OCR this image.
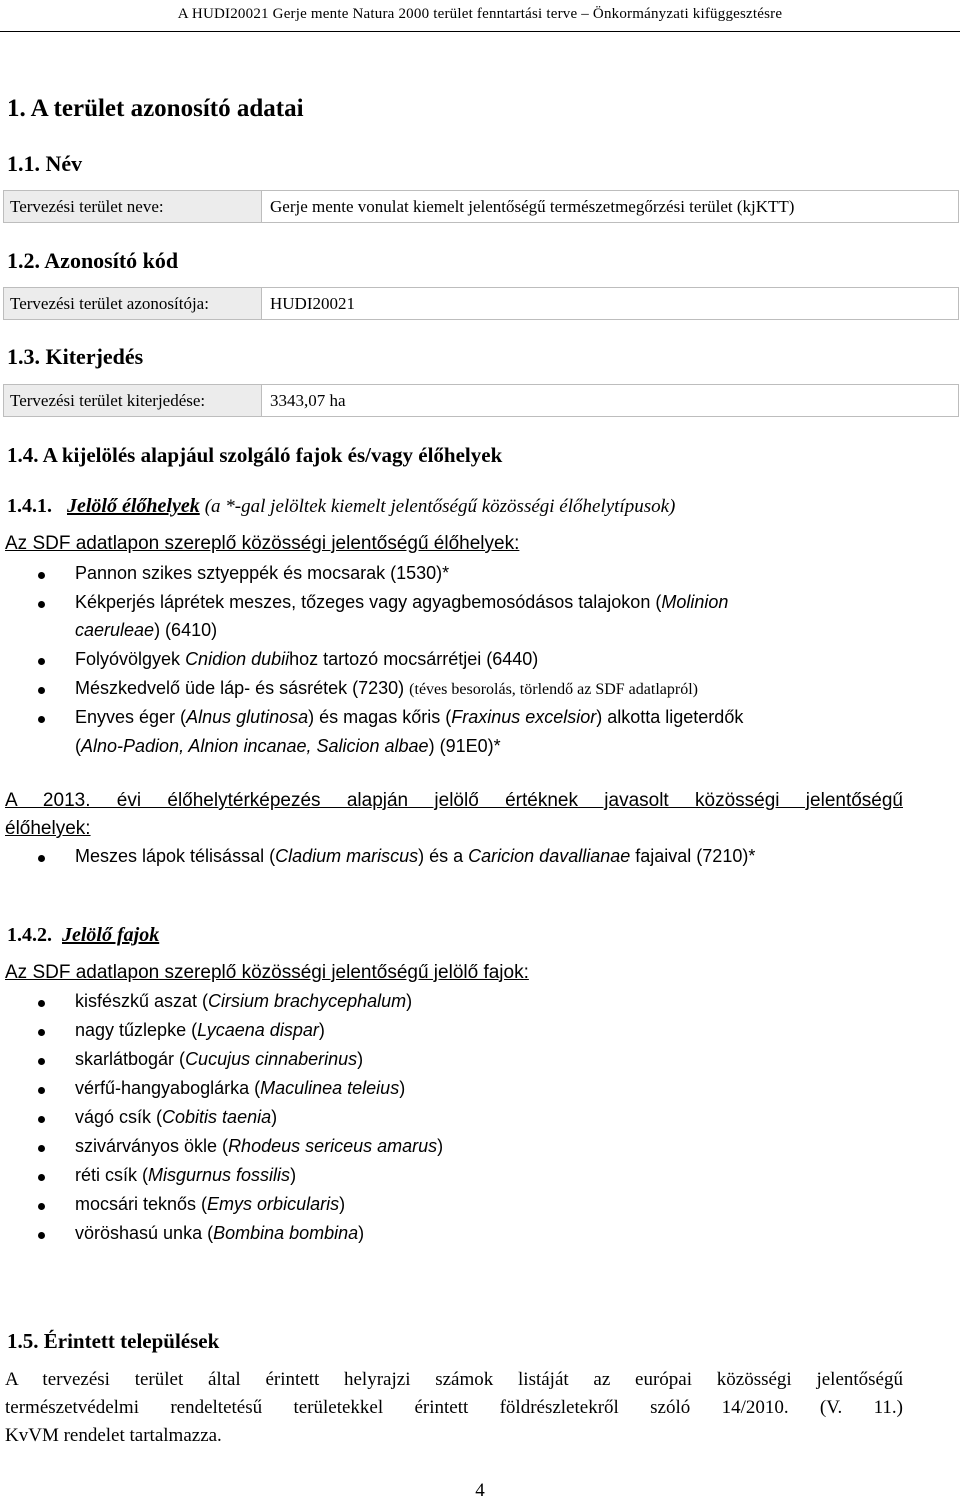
A HUDI20021 Gerje mente Natura 2000 terület fenntartási terve – Önkormányzati kifüggesztésre
1. A terület azonosító adatai
1.1. Név
Tervezési terület neve:	Gerje mente vonulat kiemelt jelentőségű természetmegőrzési terület (kjKTT)
1.2. Azonosító kód
Tervezési terület azonosítója:	HUDI20021
1.3. Kiterjedés
Tervezési terület kiterjedése:	3343,07 ha
1.4. A kijelölés alapjául szolgáló fajok és/vagy élőhelyek
1.4.1. Jelölő élőhelyek (a *-gal jelöltek kiemelt jelentőségű közösségi élőhelytípusok)
Az SDF adatlapon szereplő közösségi jelentőségű élőhelyek:
Pannon szikes sztyeppék és mocsarak (1530)*
Kékperjés láprétek meszes, tőzeges vagy agyagbemosódásos talajokon (Molinion
caeruleae) (6410)
Folyóvölgyek Cnidion dubiihoz tartozó mocsárrétjei (6440)
Mészkedvelő üde láp- és sásrétek (7230) (téves besorolás, törlendő az SDF adatlapról)
Enyves éger (Alnus glutinosa) és magas kőris (Fraxinus excelsior) alkotta ligeterdők
(Alno-Padion, Alnion incanae, Salicion albae) (91E0)*
A 2013. évi élőhelytérképezés alapján jelölő értéknek javasolt közösségi jelentőségű
élőhelyek:
Meszes lápok télisással (Cladium mariscus) és a Caricion davallianae fajaival (7210)*
1.4.2. Jelölő fajok
Az SDF adatlapon szereplő közösségi jelentőségű jelölő fajok:
kisfészkű aszat (Cirsium brachycephalum)
nagy tűzlepke (Lycaena dispar)
skarlátbogár (Cucujus cinnaberinus)
vérfű-hangyaboglárka (Maculinea teleius)
vágó csík (Cobitis taenia)
szivárványos ökle (Rhodeus sericeus amarus)
réti csík (Misgurnus fossilis)
mocsári teknős (Emys orbicularis)
vöröshasú unka (Bombina bombina)
1.5. Érintett települések
A tervezési terület által érintett helyrajzi számok listáját az európai közösségi jelentőségű
természetvédelmi rendeltetésű területekkel érintett földrészletekről szóló 14/2010. (V. 11.)
KvVM rendelet tartalmazza.
4
